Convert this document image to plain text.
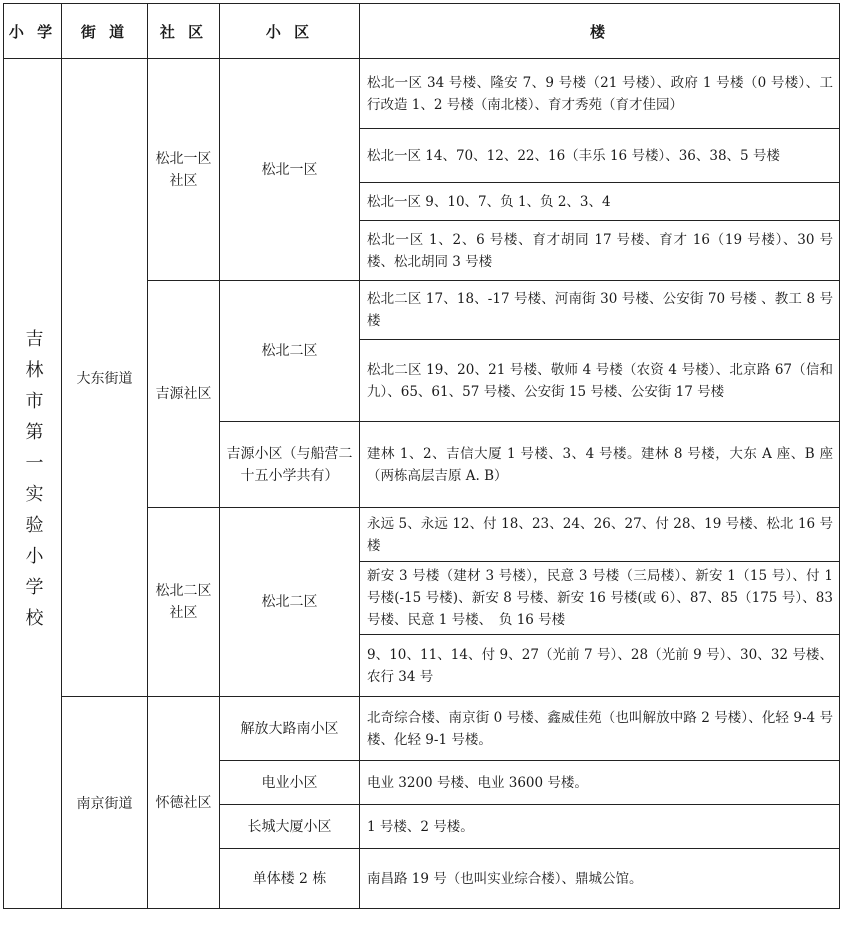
小 学	街 道	社 区	小 区	楼

吉林市第一实验小学校	大东街道	松北一区社区	松北一区	松北一区 34 号楼、隆安 7、9 号楼（21 号楼）、政府 1 号楼（0 号楼）、工行改造 1、2 号楼（南北楼）、育才秀苑（育才佳园）
				松北一区 14、70、12、22、16（丰乐 16 号楼）、36、38、5 号楼
				松北一区 9、10、7、负 1、负 2、3、4
				松北一区 1、2、6 号楼、育才胡同 17 号楼、育才 16（19 号楼）、30 号楼、松北胡同 3 号楼
		吉源社区	松北二区	松北二区 17、18、-17 号楼、河南街 30 号楼、公安街 70 号楼 、教工 8 号楼
				松北二区 19、20、21 号楼、敬师 4 号楼（农资 4 号楼）、北京路 67（信和九）、65、61、57 号楼、公安街 15 号楼、公安街 17 号楼
			吉源小区（与船营二十五小学共有）	建林 1、2、吉信大厦 1 号楼、3、4 号楼。建林 8 号楼，大东 A 座、B 座（两栋高层吉原 A. B）
		松北二区社区	松北二区	永远 5、永远 12、付 18、23、24、26、27、付 28、19 号楼、松北 16 号楼
				新安 3 号楼（建材 3 号楼），民意 3 号楼（三局楼）、新安 1（15 号）、付 1 号楼(-15 号楼)、新安 8 号楼、新安 16 号楼(或 6）、87、85（175 号）、83 号楼、民意 1 号楼、　负 16 号楼
				9、10、11、14、付 9、27（光前 7 号）、28（光前 9 号）、30、32 号楼、 农行 34 号
	南京街道	怀德社区	解放大路南小区	北奇综合楼、南京街 0 号楼、鑫威佳苑（也叫解放中路 2 号楼）、化轻 9-4 号楼、化轻 9-1 号楼。
			电业小区	电业 3200 号楼、电业 3600 号楼。
			长城大厦小区	1 号楼、2 号楼。
			单体楼 2 栋	南昌路 19 号（也叫实业综合楼）、鼎城公馆。
